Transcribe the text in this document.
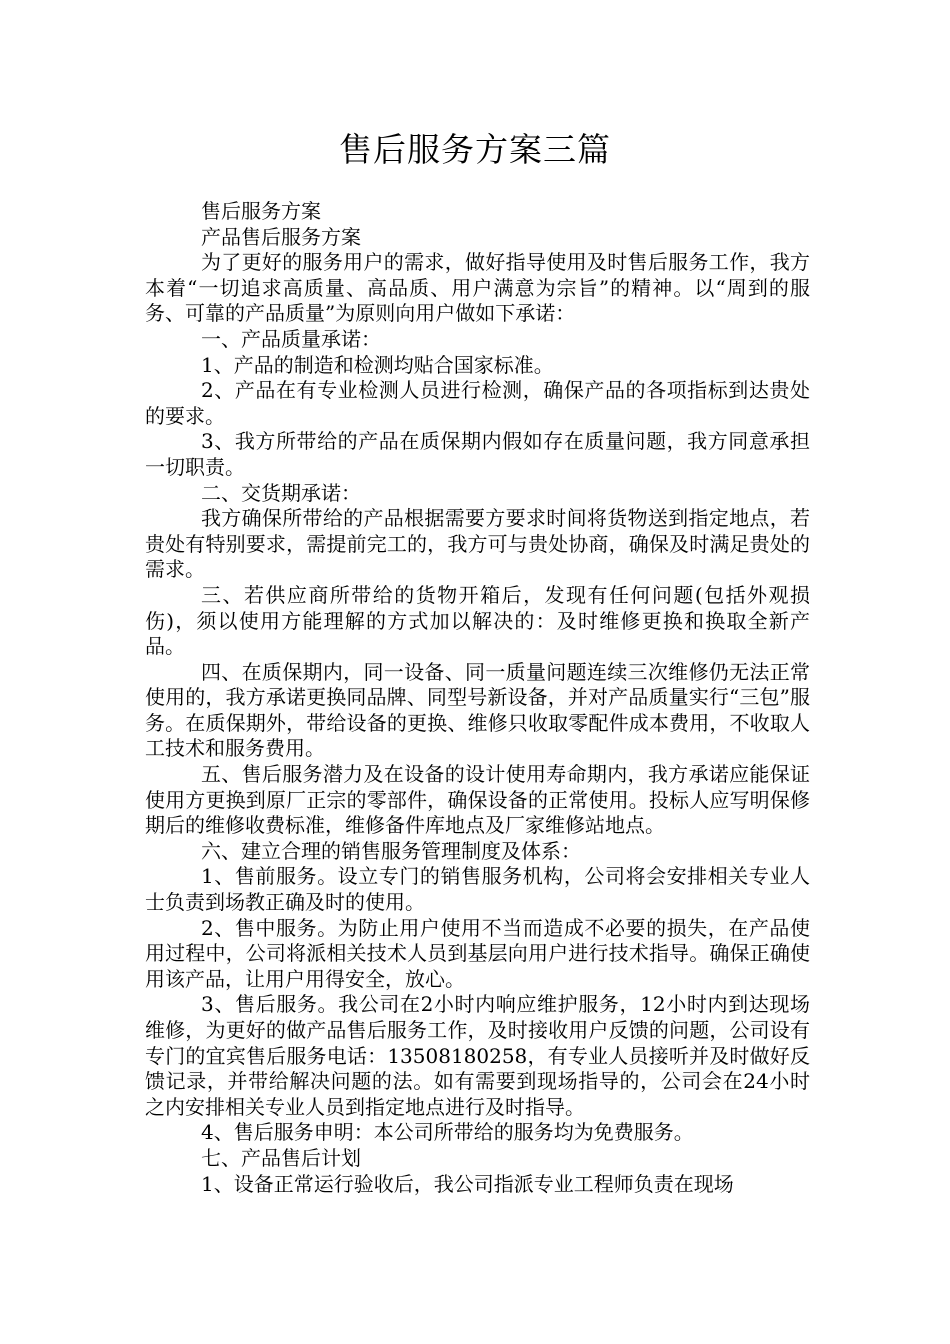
售后服务方案三篇

售后服务方案

产品售后服务方案

为了更好的服务用户的需求，做好指导使用及时售后服务工作，我方本着“一切追求高质量、高品质、用户满意为宗旨”的精神。以“周到的服务、可靠的产品质量”为原则向用户做如下承诺：

一、产品质量承诺：

1、产品的制造和检测均贴合国家标准。

2、产品在有专业检测人员进行检测，确保产品的各项指标到达贵处的要求。

3、我方所带给的产品在质保期内假如存在质量问题，我方同意承担一切职责。

二、交货期承诺：

我方确保所带给的产品根据需要方要求时间将货物送到指定地点，若贵处有特别要求，需提前完工的，我方可与贵处协商，确保及时满足贵处的需求。

三、若供应商所带给的货物开箱后，发现有任何问题(包括外观损伤)，须以使用方能理解的方式加以解决的：及时维修更换和换取全新产品。

四、在质保期内，同一设备、同一质量问题连续三次维修仍无法正常使用的，我方承诺更换同品牌、同型号新设备，并对产品质量实行“三包”服务。在质保期外，带给设备的更换、维修只收取零配件成本费用，不收取人工技术和服务费用。

五、售后服务潜力及在设备的设计使用寿命期内，我方承诺应能保证使用方更换到原厂正宗的零部件，确保设备的正常使用。投标人应写明保修期后的维修收费标准，维修备件库地点及厂家维修站地点。

六、建立合理的销售服务管理制度及体系：

1、售前服务。设立专门的销售服务机构，公司将会安排相关专业人士负责到场教正确及时的使用。

2、售中服务。为防止用户使用不当而造成不必要的损失，在产品使用过程中，公司将派相关技术人员到基层向用户进行技术指导。确保正确使用该产品，让用户用得安全，放心。

3、售后服务。我公司在2小时内响应维护服务，12小时内到达现场维修，为更好的做产品售后服务工作，及时接收用户反馈的问题，公司设有专门的宜宾售后服务电话：13508180258，有专业人员接听并及时做好反馈记录，并带给解决问题的法。如有需要到现场指导的，公司会在24小时之内安排相关专业人员到指定地点进行及时指导。

4、售后服务申明：本公司所带给的服务均为免费服务。

七、产品售后计划

1、设备正常运行验收后，我公司指派专业工程师负责在现场
